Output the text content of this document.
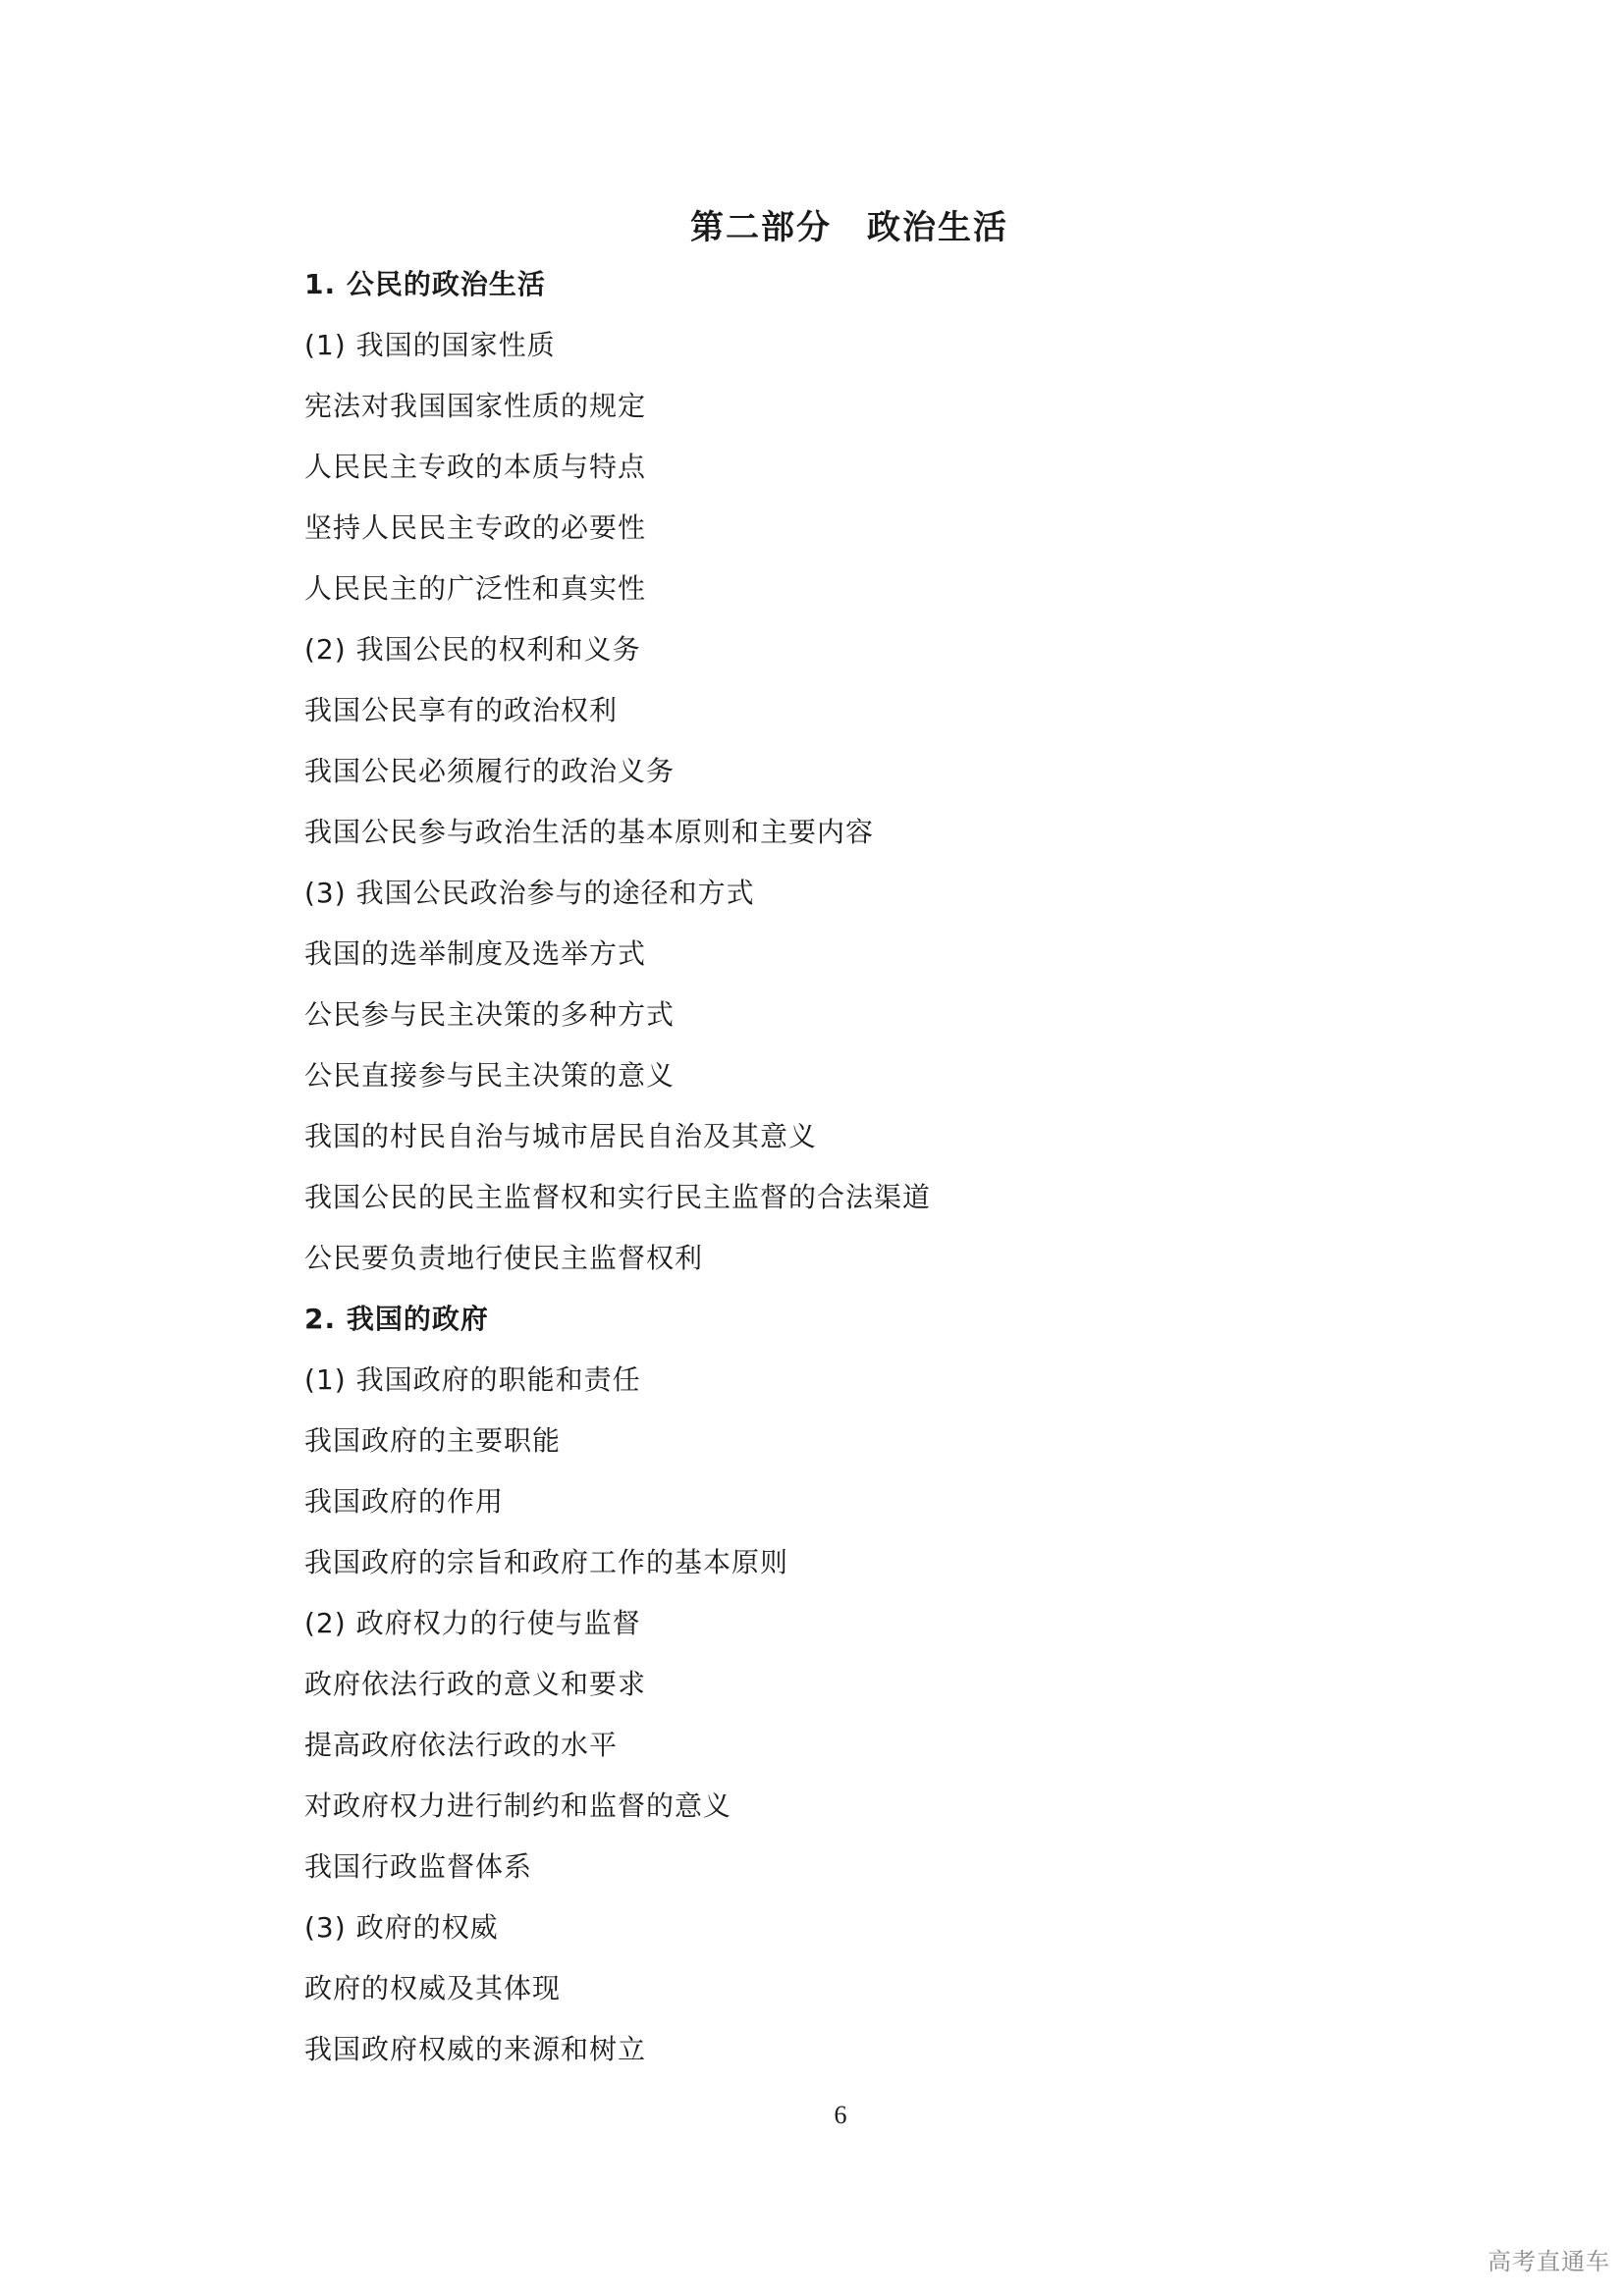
第二部分　政治生活
1. 公民的政治生活
(1) 我国的国家性质
宪法对我国国家性质的规定
人民民主专政的本质与特点
坚持人民民主专政的必要性
人民民主的广泛性和真实性
(2) 我国公民的权利和义务
我国公民享有的政治权利
我国公民必须履行的政治义务
我国公民参与政治生活的基本原则和主要内容
(3) 我国公民政治参与的途径和方式
我国的选举制度及选举方式
公民参与民主决策的多种方式
公民直接参与民主决策的意义
我国的村民自治与城市居民自治及其意义
我国公民的民主监督权和实行民主监督的合法渠道
公民要负责地行使民主监督权利
2. 我国的政府
(1) 我国政府的职能和责任
我国政府的主要职能
我国政府的作用
我国政府的宗旨和政府工作的基本原则
(2) 政府权力的行使与监督
政府依法行政的意义和要求
提高政府依法行政的水平
对政府权力进行制约和监督的意义
我国行政监督体系
(3) 政府的权威
政府的权威及其体现
我国政府权威的来源和树立
6
高考直通车
